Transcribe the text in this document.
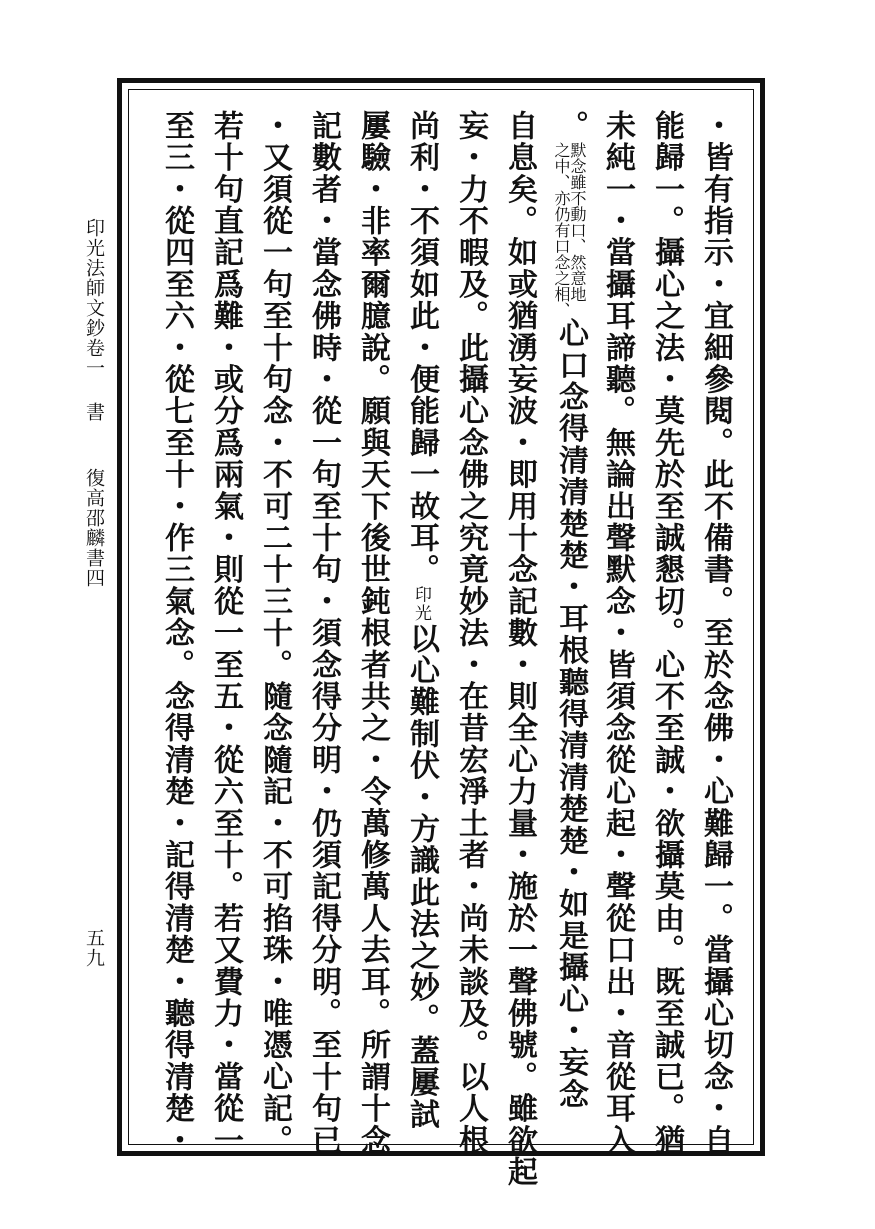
印光法師文鈔卷一書復高邵麟書四
五九	・皆有指示・宜細參閱。此不備書。至於念佛・心難歸一。當攝心切念・自
能歸一。攝心之法・莫先於至誠懇切。心不至誠・欲攝莫由。既至誠已。猶
未純一・當攝耳諦聽。無論出聲默念・皆須念從心起・聲從口出・音從耳入
。
默念雖不動口、然意地
之中、亦仍有口念之相、
心口念得清清楚楚・耳根聽得清清楚楚・如是攝心・妄念
自息矣。如或猶湧妄波・即用十念記數・則全心力量・施於一聲佛號。雖欲起
妄・力不暇及。此攝心念佛之究竟妙法・在昔宏淨土者・尚未談及。以人根
尚利・不須如此・便能歸一故耳。印光以心難制伏・方識此法之妙。蓋屢試
屢驗・非率爾臆說。願與天下後世鈍根者共之・令萬修萬人去耳。所謂十念
記數者・當念佛時・從一句至十句・須念得分明・仍須記得分明。至十句已
・又須從一句至十句念・不可二十三十。隨念隨記・不可掐珠・唯憑心記。
若十句直記爲難・或分爲兩氣・則從一至五・從六至十。若又費力・當從一
至三・從四至六・從七至十・作三氣念。念得清楚・記得清楚・聽得清楚・
